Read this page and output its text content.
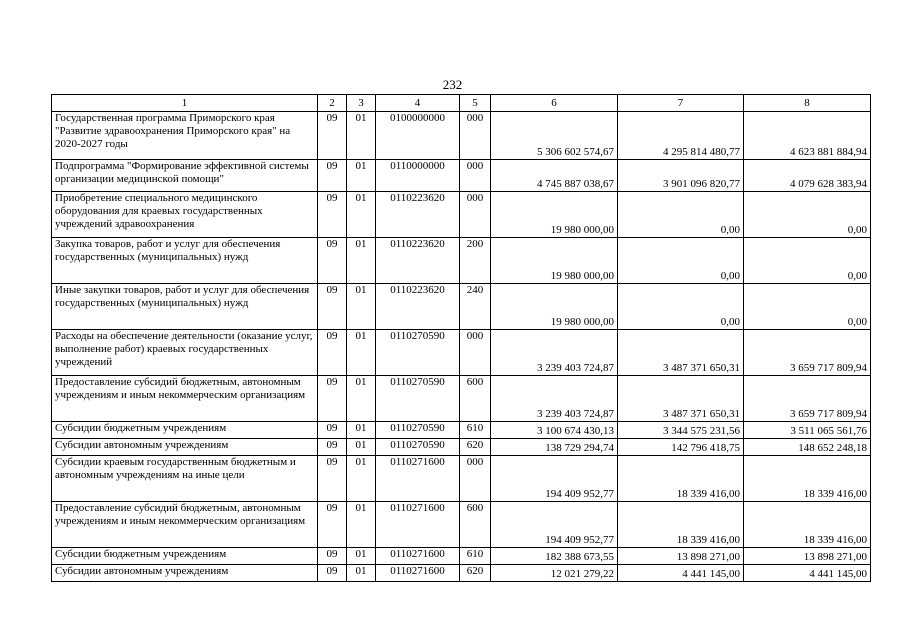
232
1	2	3	4	5	6	7	8
Государственная программа Приморского края "Развитие здравоохранения Приморского края" на 2020-2027 годы	09	01	0100000000	000	5 306 602 574,67	4 295 814 480,77	4 623 881 884,94
Подпрограмма "Формирование эффективной системы организации медицинской помощи"	09	01	0110000000	000	4 745 887 038,67	3 901 096 820,77	4 079 628 383,94
Приобретение специального медицинского оборудования для краевых государственных учреждений здравоохранения	09	01	0110223620	000	19 980 000,00	0,00	0,00
Закупка товаров, работ и услуг для обеспечения государственных (муниципальных) нужд	09	01	0110223620	200	19 980 000,00	0,00	0,00
Иные закупки товаров, работ и услуг для обеспечения государственных (муниципальных) нужд	09	01	0110223620	240	19 980 000,00	0,00	0,00
Расходы на обеспечение деятельности (оказание услуг, выполнение работ) краевых государственных учреждений	09	01	0110270590	000	3 239 403 724,87	3 487 371 650,31	3 659 717 809,94
Предоставление субсидий бюджетным, автономным учреждениям и иным некоммерческим организациям	09	01	0110270590	600	3 239 403 724,87	3 487 371 650,31	3 659 717 809,94
Субсидии бюджетным учреждениям	09	01	0110270590	610	3 100 674 430,13	3 344 575 231,56	3 511 065 561,76
Субсидии автономным учреждениям	09	01	0110270590	620	138 729 294,74	142 796 418,75	148 652 248,18
Субсидии краевым государственным бюджетным и автономным учреждениям на иные цели	09	01	0110271600	000	194 409 952,77	18 339 416,00	18 339 416,00
Предоставление субсидий бюджетным, автономным учреждениям и иным некоммерческим организациям	09	01	0110271600	600	194 409 952,77	18 339 416,00	18 339 416,00
Субсидии бюджетным учреждениям	09	01	0110271600	610	182 388 673,55	13 898 271,00	13 898 271,00
Субсидии автономным учреждениям	09	01	0110271600	620	12 021 279,22	4 441 145,00	4 441 145,00
